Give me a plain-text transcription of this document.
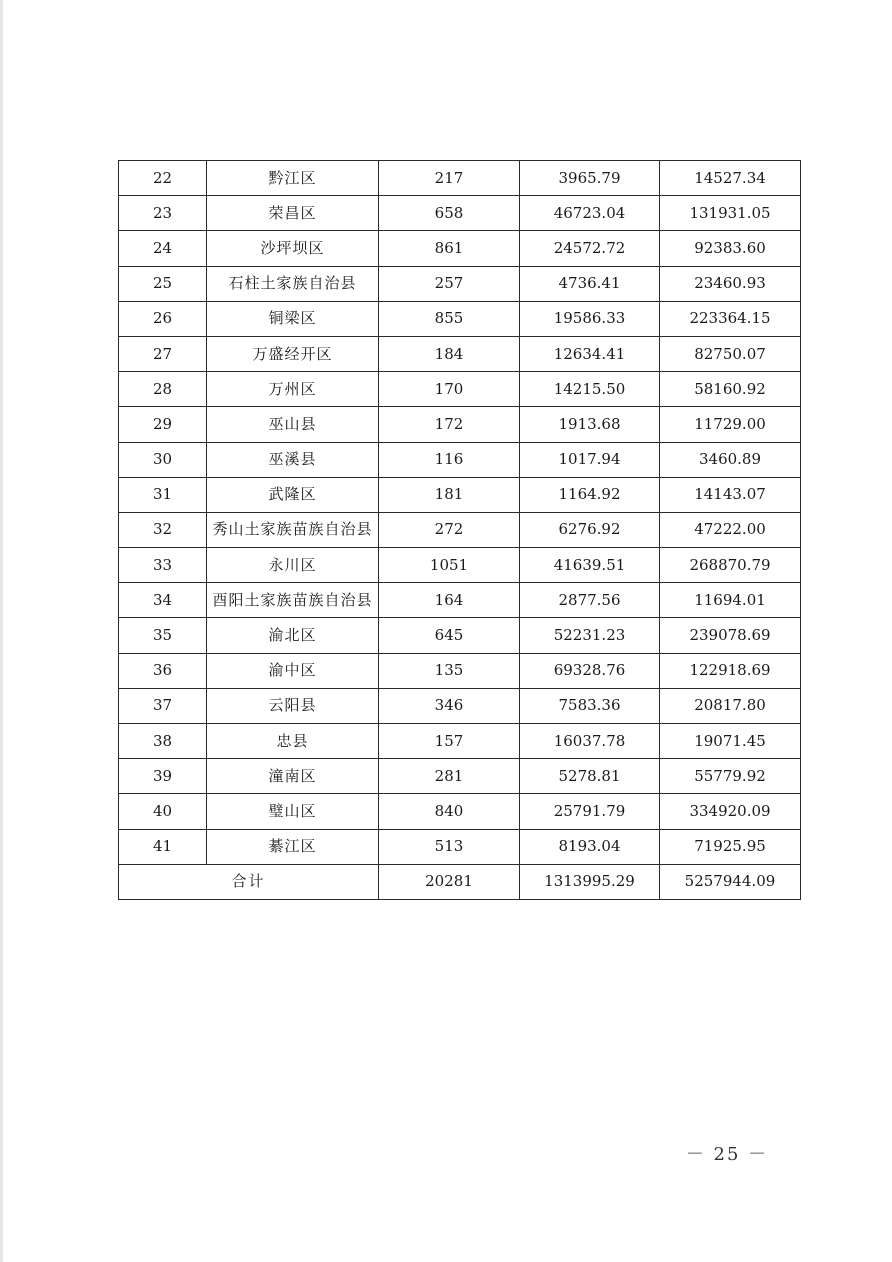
22	黔江区	217	3965.79	14527.34
23	荣昌区	658	46723.04	131931.05
24	沙坪坝区	861	24572.72	92383.60
25	石柱土家族自治县	257	4736.41	23460.93
26	铜梁区	855	19586.33	223364.15
27	万盛经开区	184	12634.41	82750.07
28	万州区	170	14215.50	58160.92
29	巫山县	172	1913.68	11729.00
30	巫溪县	116	1017.94	3460.89
31	武隆区	181	1164.92	14143.07
32	秀山土家族苗族自治县	272	6276.92	47222.00
33	永川区	1051	41639.51	268870.79
34	酉阳土家族苗族自治县	164	2877.56	11694.01
35	渝北区	645	52231.23	239078.69
36	渝中区	135	69328.76	122918.69
37	云阳县	346	7583.36	20817.80
38	忠县	157	16037.78	19071.45
39	潼南区	281	5278.81	55779.92
40	璧山区	840	25791.79	334920.09
41	綦江区	513	8193.04	71925.95
合计		20281	1313995.29	5257944.09
－ 25 －
